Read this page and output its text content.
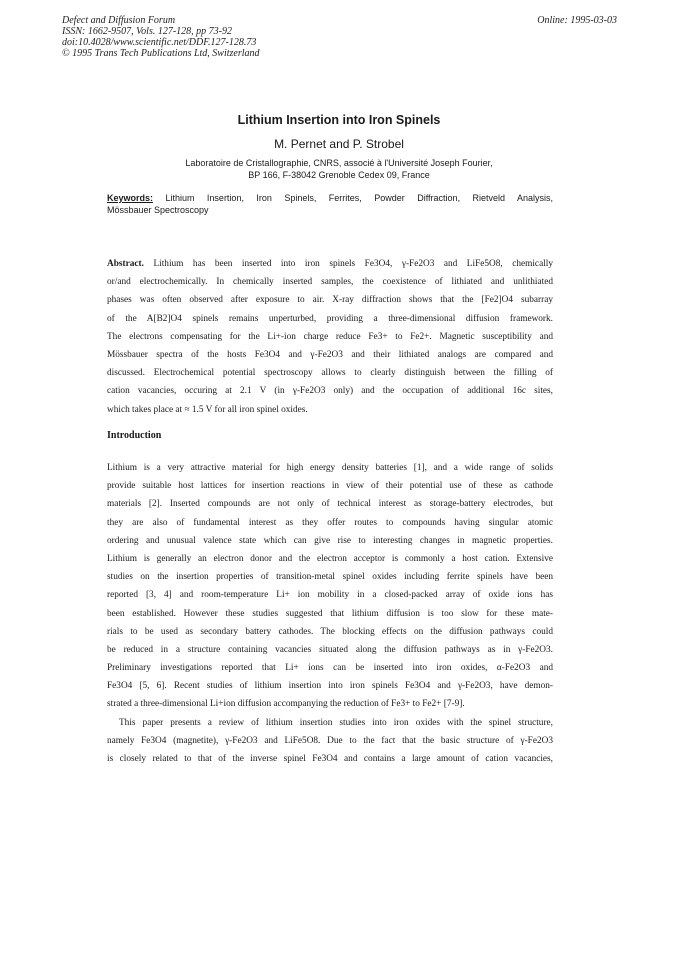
Defect and Diffusion Forum
ISSN: 1662-9507, Vols. 127-128, pp 73-92
doi:10.4028/www.scientific.net/DDF.127-128.73
© 1995 Trans Tech Publications Ltd, Switzerland
Online: 1995-03-03
Lithium Insertion into Iron Spinels
M. Pernet and P. Strobel
Laboratoire de Cristallographie, CNRS, associé à l'Université Joseph Fourier,
BP 166, F-38042 Grenoble Cedex 09, France
Keywords: Lithium Insertion, Iron Spinels, Ferrites, Powder Diffraction, Rietveld Analysis,
Mössbauer Spectroscopy
Abstract. Lithium has been inserted into iron spinels Fe3O4, γ-Fe2O3 and LiFe5O8, chemically
or/and electrochemically. In chemically inserted samples, the coexistence of lithiated and unlithiated
phases was often observed after exposure to air. X-ray diffraction shows that the [Fe2]O4 subarray
of the A[B2]O4 spinels remains unperturbed, providing a three-dimensional diffusion framework.
The electrons compensating for the Li+-ion charge reduce Fe3+ to Fe2+. Magnetic susceptibility and
Mössbauer spectra of the hosts Fe3O4 and γ-Fe2O3 and their lithiated analogs are compared and
discussed. Electrochemical potential spectroscopy allows to clearly distinguish between the filling of
cation vacancies, occuring at 2.1 V (in γ-Fe2O3 only) and the occupation of additional 16c sites,
which takes place at ≈ 1.5 V for all iron spinel oxides.
Introduction
Lithium is a very attractive material for high energy density batteries [1], and a wide range of solids
provide suitable host lattices for insertion reactions in view of their potential use of these as cathode
materials [2]. Inserted compounds are not only of technical interest as storage-battery electrodes, but
they are also of fundamental interest as they offer routes to compounds having singular atomic
ordering and unusual valence state which can give rise to interesting changes in magnetic properties.
Lithium is generally an electron donor and the electron acceptor is commonly a host cation. Extensive
studies on the insertion properties of transition-metal spinel oxides including ferrite spinels have been
reported [3, 4] and room-temperature Li+ ion mobility in a closed-packed array of oxide ions has
been established. However these studies suggested that lithium diffusion is too slow for these mate-
rials to be used as secondary battery cathodes. The blocking effects on the diffusion pathways could
be reduced in a structure containing vacancies situated along the diffusion pathways as in γ-Fe2O3.
Preliminary investigations reported that Li+ ions can be inserted into iron oxides, α-Fe2O3 and
Fe3O4 [5, 6]. Recent studies of lithium insertion into iron spinels Fe3O4 and γ-Fe2O3, have demon-
strated a three-dimensional Li+ion diffusion accompanying the reduction of Fe3+ to Fe2+ [7-9].
This paper presents a review of lithium insertion studies into iron oxides with the spinel structure,
namely Fe3O4 (magnetite), γ-Fe2O3 and LiFe5O8. Due to the fact that the basic structure of γ-Fe2O3
is closely related to that of the inverse spinel Fe3O4 and contains a large amount of cation vacancies,
